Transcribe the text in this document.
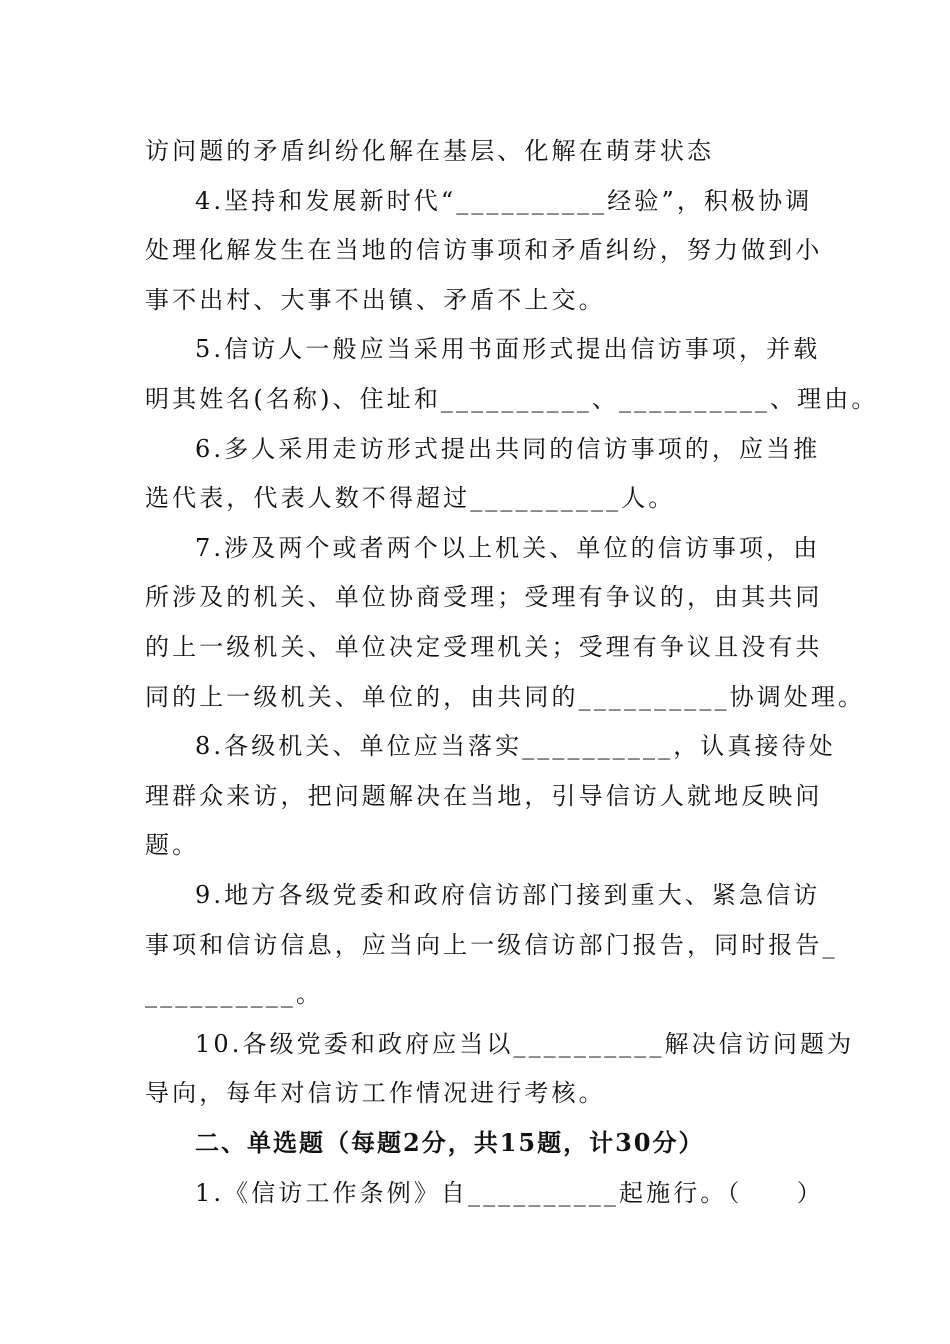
访问题的矛盾纠纷化解在基层、化解在萌芽状态
4.坚持和发展新时代“__________经验”，积极协调
处理化解发生在当地的信访事项和矛盾纠纷，努力做到小
事不出村、大事不出镇、矛盾不上交。
5.信访人一般应当采用书面形式提出信访事项，并载
明其姓名(名称)、住址和__________、__________、理由。
6.多人采用走访形式提出共同的信访事项的，应当推
选代表，代表人数不得超过__________人。
7.涉及两个或者两个以上机关、单位的信访事项，由
所涉及的机关、单位协商受理；受理有争议的，由其共同
的上一级机关、单位决定受理机关；受理有争议且没有共
同的上一级机关、单位的，由共同的__________协调处理。
8.各级机关、单位应当落实__________，认真接待处
理群众来访，把问题解决在当地，引导信访人就地反映问
题。
9.地方各级党委和政府信访部门接到重大、紧急信访
事项和信访信息，应当向上一级信访部门报告，同时报告_
__________。
10.各级党委和政府应当以__________解决信访问题为
导向，每年对信访工作情况进行考核。
二、单选题（每题2分，共15题，计30分）
1.《信访工作条例》自__________起施行。（　　）
